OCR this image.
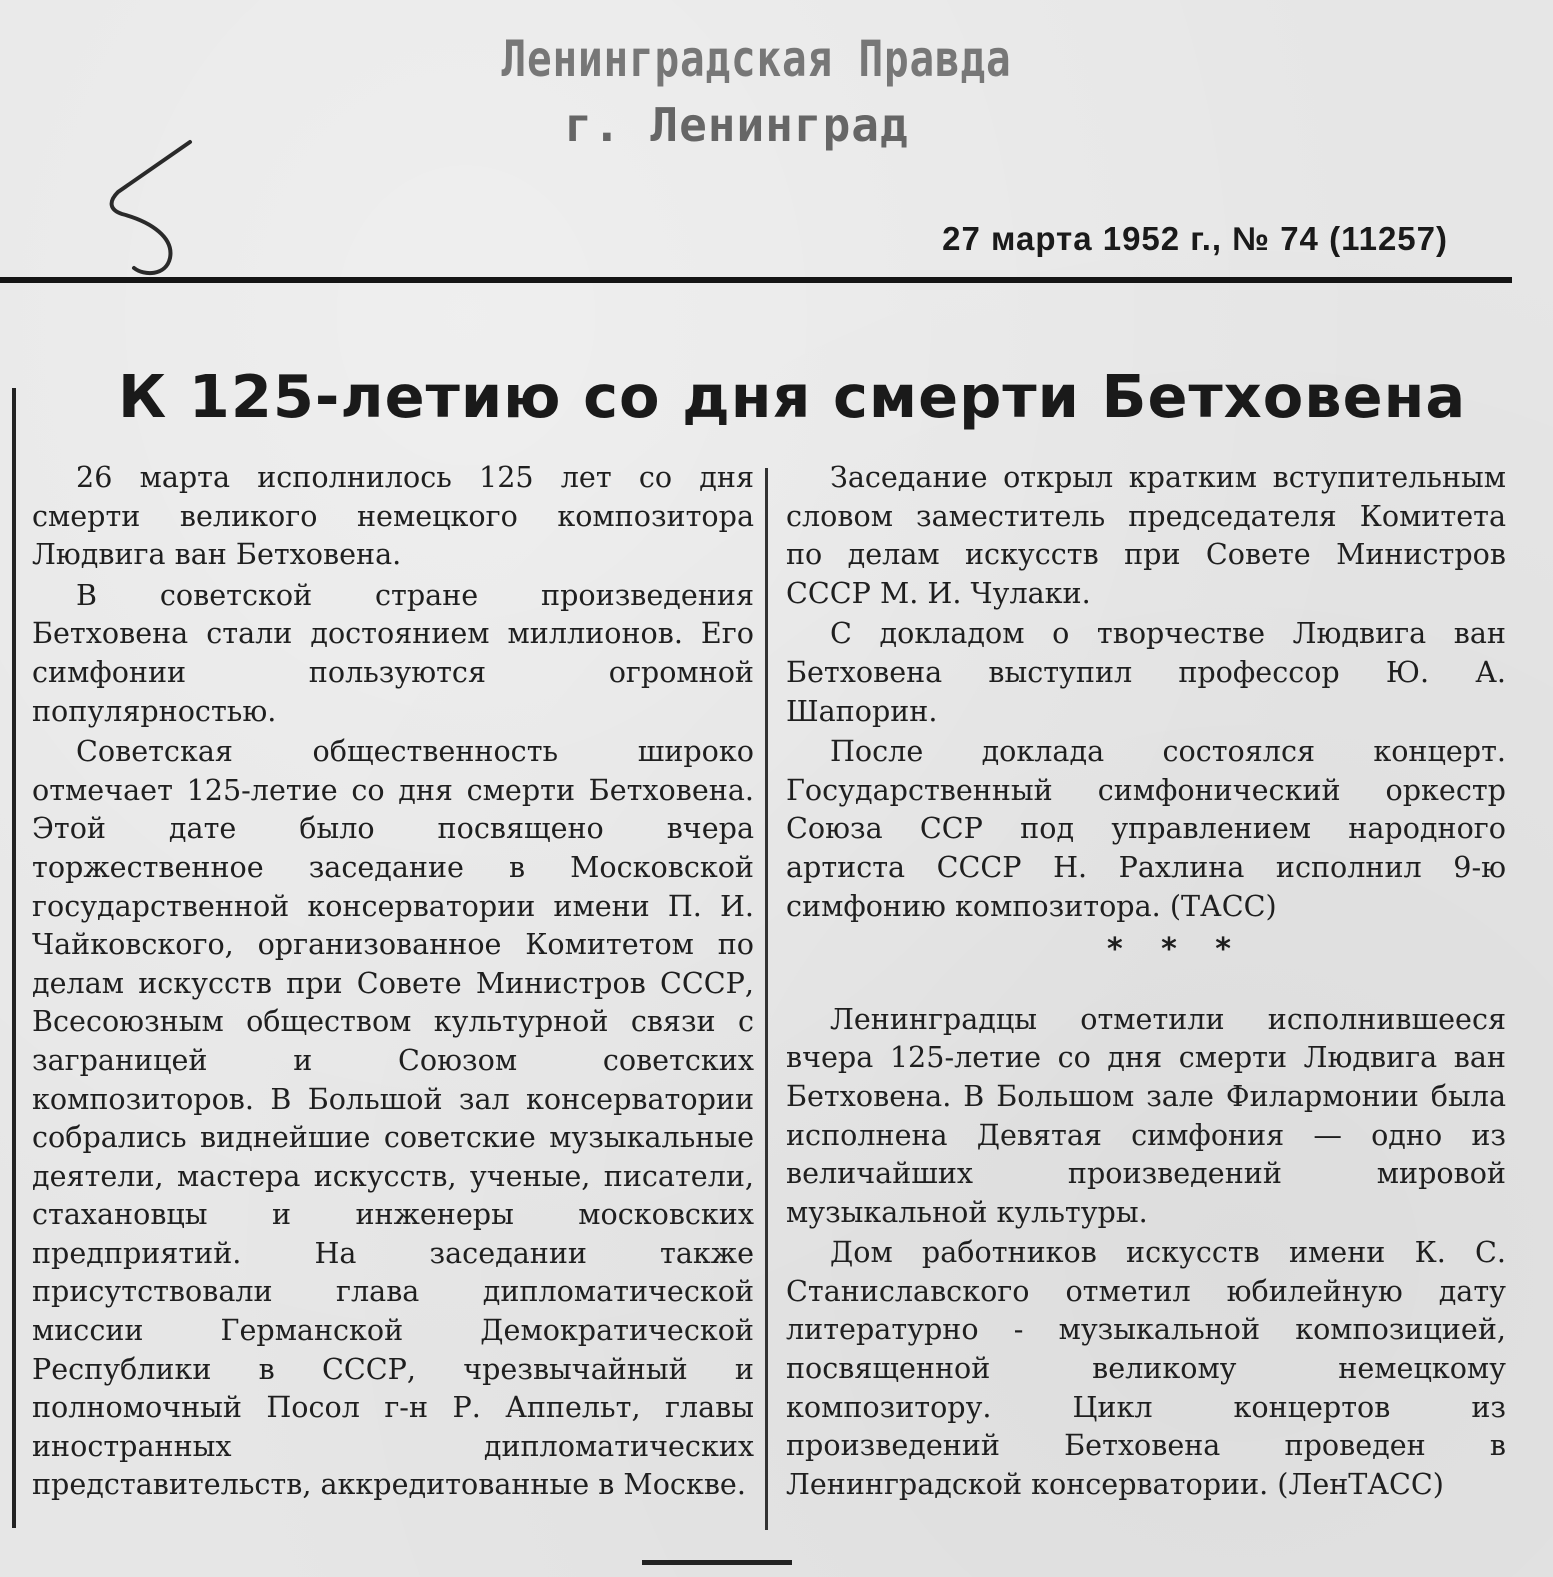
Ленинградская Правда
г. Ленинград
27 марта 1952 г., № 74 (11257)
К 125-летию со дня смерти Бетховена

26 марта исполнилось 125 лет со дня смерти великого немецкого композитора Людвига ван Бетховена.

В советской стране произведения Бетховена стали достоянием миллионов. Его симфонии пользуются огромной популярностью.

Советская общественность широко отмечает 125-летие со дня смерти Бетховена. Этой дате было посвящено вчера торжественное заседание в Московской государственной консерватории имени П. И. Чайковского, организованное Комитетом по делам искусств при Совете Министров СССР, Всесоюзным обществом культурной связи с заграницей и Союзом советских композиторов. В Большой зал консерватории собрались виднейшие советские музыкальные деятели, мастера искусств, ученые, писатели, стахановцы и инженеры московских предприятий. На заседании также присутствовали глава дипломатической миссии Германской Демократической Республики в СССР, чрезвычайный и полномочный Посол г-н Р. Аппельт, главы иностранных дипломатических представительств, аккредитованные в Москве.

Заседание открыл кратким вступительным словом заместитель председателя Комитета по делам искусств при Совете Министров СССР М. И. Чулаки.

С докладом о творчестве Людвига ван Бетховена выступил профессор Ю. А. Шапорин.

После доклада состоялся концерт. Государственный симфонический оркестр Союза ССР под управлением народного артиста СССР Н. Рахлина исполнил 9-ю симфонию композитора. (ТАСС)

* * *

Ленинградцы отметили исполнившееся вчера 125-летие со дня смерти Людвига ван Бетховена. В Большом зале Филармонии была исполнена Девятая симфония — одно из величайших произведений мировой музыкальной культуры.

Дом работников искусств имени К. С. Станиславского отметил юбилейную дату литературно - музыкальной композицией, посвященной великому немецкому композитору. Цикл концертов из произведений Бетховена проведен в Ленинградской консерватории. (ЛенТАСС)
